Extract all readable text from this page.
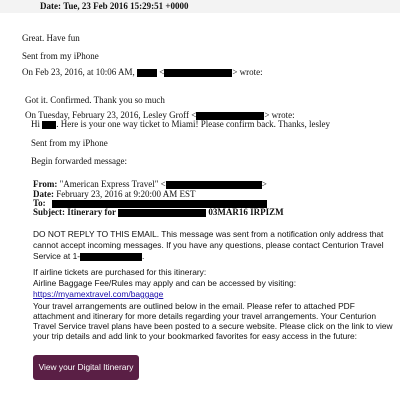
Date: Tue, 23 Feb 2016 15:29:51 +0000
Great. Have fun
Sent from my iPhone
On Feb 23, 2016, at 10:06 AM,	<	> wrote:
Got it. Confirmed. Thank you so much
On Tuesday, February 23, 2016, Lesley Groff <	> wrote:
Hi . Here is your one way ticket to Miami! Please confirm back. Thanks, lesley
Sent from my iPhone
Begin forwarded message:
From: "American Express Travel" <	>
Date: February 23, 2016 at 9:20:00 AM EST
To:
Subject: Itinerary for	03MAR16 IRPIZM
DO NOT REPLY TO THIS EMAIL. This message was sent from a notification only address that
cannot accept incoming messages. If you have any questions, please contact Centurion Travel
Service at 1-	.
If airline tickets are purchased for this itinerary:
Airline Baggage Fee/Rules may apply and can be accessed by visiting:
https://myamextravel.com/baggage
Your travel arrangements are outlined below in the email. Please refer to attached PDF
attachment and itinerary for more details regarding your travel arrangements. Your Centurion
Travel Service travel plans have been posted to a secure website. Please click on the link to view
your trip details and add link to your bookmarked favorites for easy access in the future:
View your Digital Itinerary
